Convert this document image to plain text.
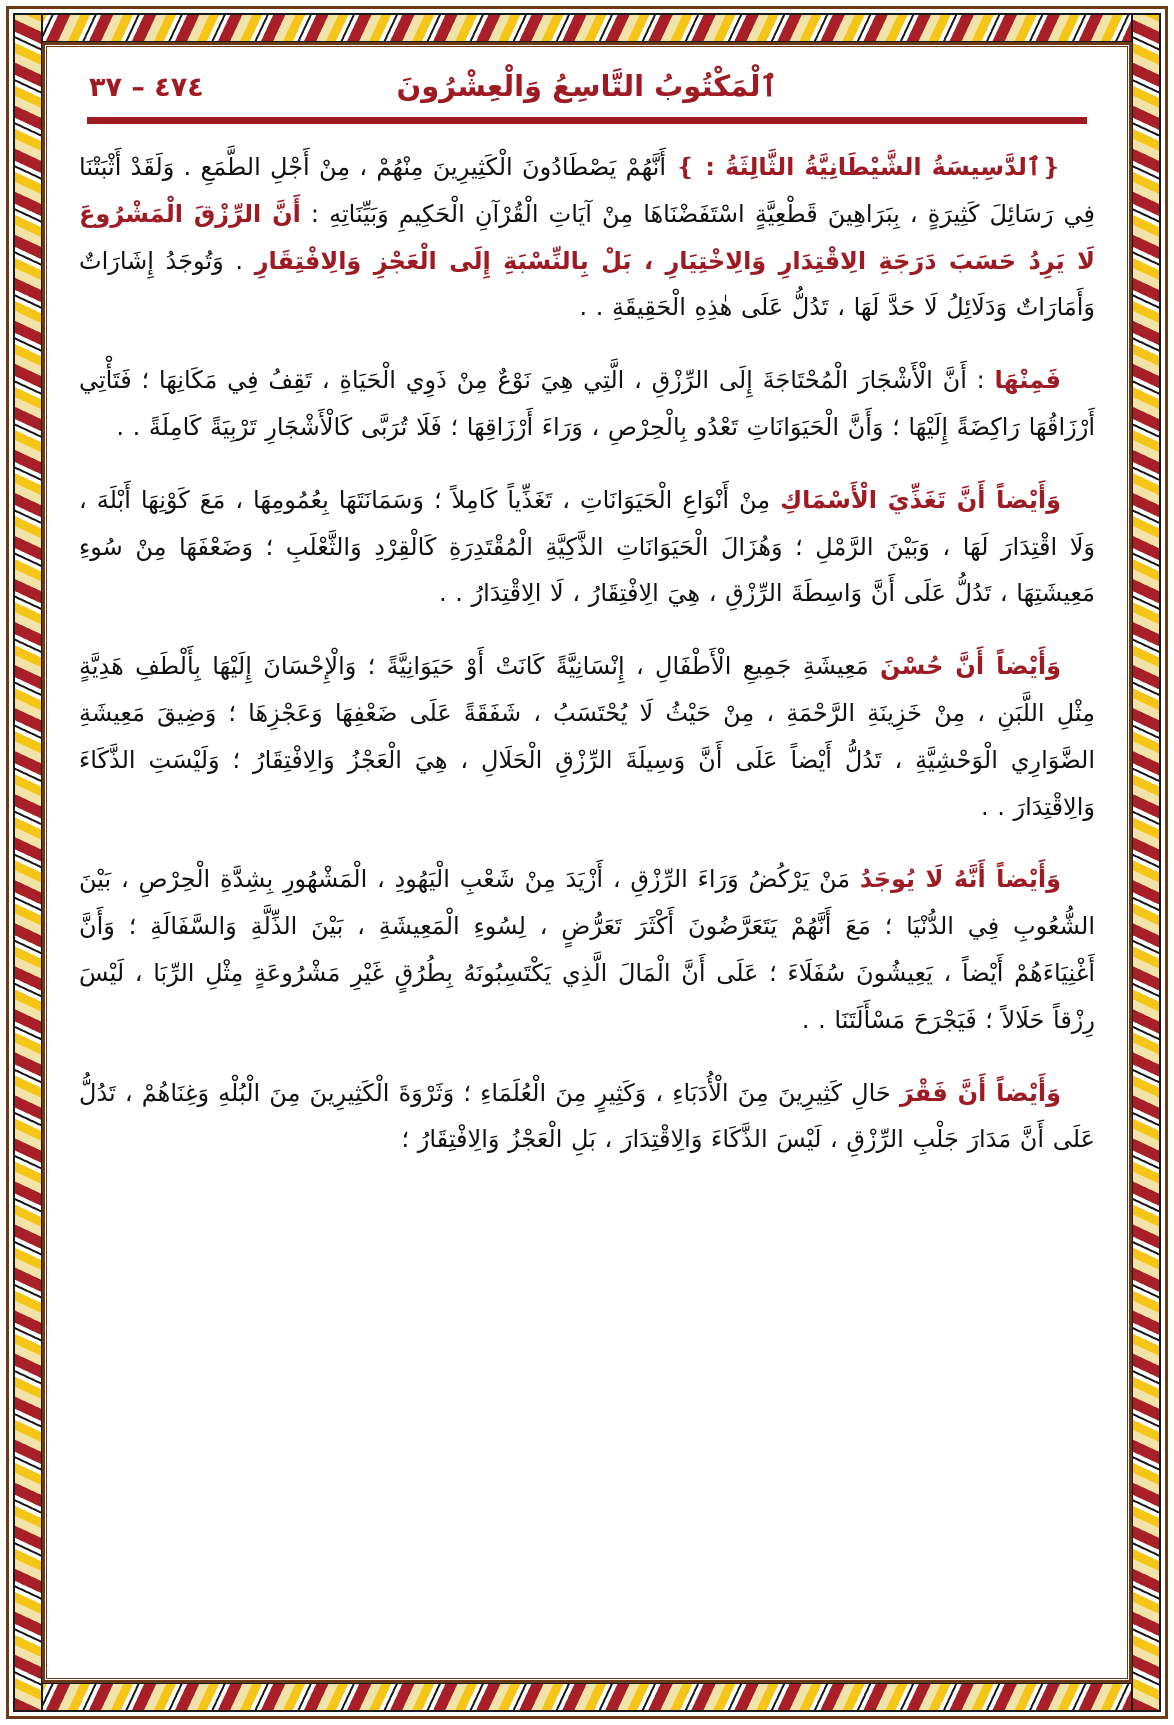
ٱلْمَكْتُوبُ التَّاسِعُ وَالْعِشْرُونَ
٤٧٤ – ٣٧

❴ٱلدَّسِيسَةُ الشَّيْطَانِيَّةُ الثَّالِثَةُ : ❵ أَنَّهُمْ يَصْطَادُونَ الْكَثِيرِينَ مِنْهُمْ ، مِنْ أَجْلِ الطَّمَعِ . وَلَقَدْ أَثْبَتْنَا فِي رَسَائِلَ كَثِيرَةٍ ، بِبَرَاهِينَ قَطْعِيَّةٍ اسْتَفَضْنَاهَا مِنْ آيَاتِ الْقُرْآنِ الْحَكِيمِ وَبَيِّنَاتِهِ : أَنَّ الرِّزْقَ الْمَشْرُوعَ لَا يَرِدُ حَسَبَ دَرَجَةِ الِاقْتِدَارِ وَالِاخْتِيَارِ ، بَلْ بِالنِّسْبَةِ إِلَى الْعَجْزِ وَالِافْتِقَارِ . وَتُوجَدُ إِشَارَاتٌ وَأَمَارَاتٌ وَدَلَائِلُ لَا حَدَّ لَهَا ، تَدُلُّ عَلَى هٰذِهِ الْحَقِيقَةِ . .

فَمِنْهَا : أَنَّ الْأَشْجَارَ الْمُحْتَاجَةَ إِلَى الرِّزْقِ ، الَّتِي هِيَ نَوْعٌ مِنْ ذَوِي الْحَيَاةِ ، تَقِفُ فِي مَكَانِهَا ؛ فَتَأْتِي أَرْزَاقُهَا رَاكِضَةً إِلَيْهَا ؛ وَأَنَّ الْحَيَوَانَاتِ تَعْدُو بِالْحِرْصِ ، وَرَاءَ أَرْزَاقِهَا ؛ فَلَا تُرَبَّى كَالْأَشْجَارِ تَرْبِيَةً كَامِلَةً . .

وَأَيْضاً أَنَّ تَغَذِّيَ الْأَسْمَاكِ مِنْ أَنْوَاعِ الْحَيَوَانَاتِ ، تَغَذِّياً كَامِلاً ؛ وَسَمَانَتَهَا بِعُمُومِهَا ، مَعَ كَوْنِهَا أَبْلَهَ ، وَلَا اقْتِدَارَ لَهَا ، وَبَيْنَ الرَّمْلِ ؛ وَهُزَالَ الْحَيَوَانَاتِ الذَّكِيَّةِ الْمُقْتَدِرَةِ كَالْقِرْدِ وَالثَّعْلَبِ ؛ وَضَعْفَهَا مِنْ سُوءِ مَعِيشَتِهَا ، تَدُلُّ عَلَى أَنَّ وَاسِطَةَ الرِّزْقِ ، هِيَ الِافْتِقَارُ ، لَا الِاقْتِدَارُ . .

وَأَيْضاً أَنَّ حُسْنَ مَعِيشَةِ جَمِيعِ الْأَطْفَالِ ، إِنْسَانِيَّةً كَانَتْ أَوْ حَيَوَانِيَّةً ؛ وَالْإِحْسَانَ إِلَيْهَا بِأَلْطَفِ هَدِيَّةٍ مِثْلِ اللَّبَنِ ، مِنْ خَزِينَةِ الرَّحْمَةِ ، مِنْ حَيْثُ لَا يُحْتَسَبُ ، شَفَقَةً عَلَى ضَعْفِهَا وَعَجْزِهَا ؛ وَضِيقَ مَعِيشَةِ الضَّوَارِي الْوَحْشِيَّةِ ، تَدُلُّ أَيْضاً عَلَى أَنَّ وَسِيلَةَ الرِّزْقِ الْحَلَالِ ، هِيَ الْعَجْزُ وَالِافْتِقَارُ ؛ وَلَيْسَتِ الذَّكَاءَ وَالِاقْتِدَارَ . .

وَأَيْضاً أَنَّهُ لَا يُوجَدُ مَنْ يَرْكُضُ وَرَاءَ الرِّزْقِ ، أَزْيَدَ مِنْ شَعْبِ الْيَهُودِ ، الْمَشْهُورِ بِشِدَّةِ الْحِرْصِ ، بَيْنَ الشُّعُوبِ فِي الدُّنْيَا ؛ مَعَ أَنَّهُمْ يَتَعَرَّضُونَ أَكْثَرَ تَعَرُّضٍ ، لِسُوءِ الْمَعِيشَةِ ، بَيْنَ الذِّلَّةِ وَالسَّفَالَةِ ؛ وَأَنَّ أَغْنِيَاءَهُمْ أَيْضاً ، يَعِيشُونَ سُفَلَاءَ ؛ عَلَى أَنَّ الْمَالَ الَّذِي يَكْتَسِبُونَهُ بِطُرُقٍ غَيْرِ مَشْرُوعَةٍ مِثْلِ الرِّبَا ، لَيْسَ رِزْقاً حَلَالاً ؛ فَيَجْرَحَ مَسْأَلَتَنَا . .

وَأَيْضاً أَنَّ فَقْرَ حَالِ كَثِيرِينَ مِنَ الْأُدَبَاءِ ، وَكَثِيرٍ مِنَ الْعُلَمَاءِ ؛ وَثَرْوَةَ الْكَثِيرِينَ مِنَ الْبُلْهِ وَغِنَاهُمْ ، تَدُلُّ عَلَى أَنَّ مَدَارَ جَلْبِ الرِّزْقِ ، لَيْسَ الذَّكَاءَ وَالِاقْتِدَارَ ، بَلِ الْعَجْزُ وَالِافْتِقَارُ ؛
